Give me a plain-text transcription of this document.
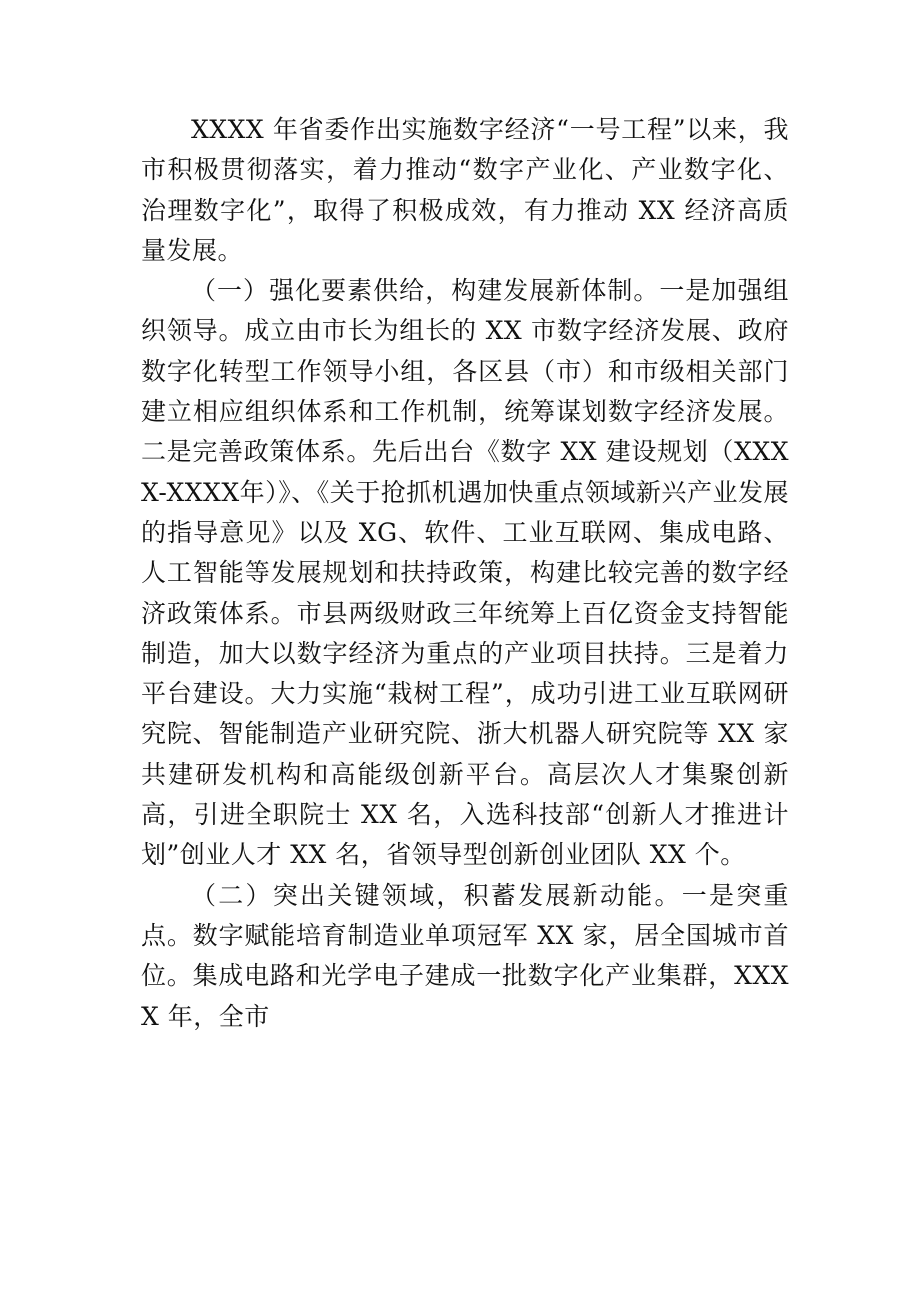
XXXX 年省委作出实施数字经济“一号工程”以来，我市积极贯彻落实，着力推动“数字产业化、产业数字化、治理数字化”，取得了积极成效，有力推动 XX 经济高质量发展。

（一）强化要素供给，构建发展新体制。一是加强组织领导。成立由市长为组长的 XX 市数字经济发展、政府数字化转型工作领导小组，各区县（市）和市级相关部门建立相应组织体系和工作机制，统筹谋划数字经济发展。二是完善政策体系。先后出台《数字 XX 建设规划（XXXX-XXXX年）》、《关于抢抓机遇加快重点领域新兴产业发展的指导意见》以及 XG、软件、工业互联网、集成电路、人工智能等发展规划和扶持政策，构建比较完善的数字经济政策体系。市县两级财政三年统筹上百亿资金支持智能制造，加大以数字经济为重点的产业项目扶持。三是着力平台建设。大力实施“栽树工程”，成功引进工业互联网研究院、智能制造产业研究院、浙大机器人研究院等 XX 家共建研发机构和高能级创新平台。高层次人才集聚创新高，引进全职院士 XX 名，入选科技部“创新人才推进计划”创业人才 XX 名，省领导型创新创业团队 XX 个。

（二）突出关键领域，积蓄发展新动能。一是突重点。数字赋能培育制造业单项冠军 XX 家，居全国城市首位。集成电路和光学电子建成一批数字化产业集群，XXXX 年，全市
